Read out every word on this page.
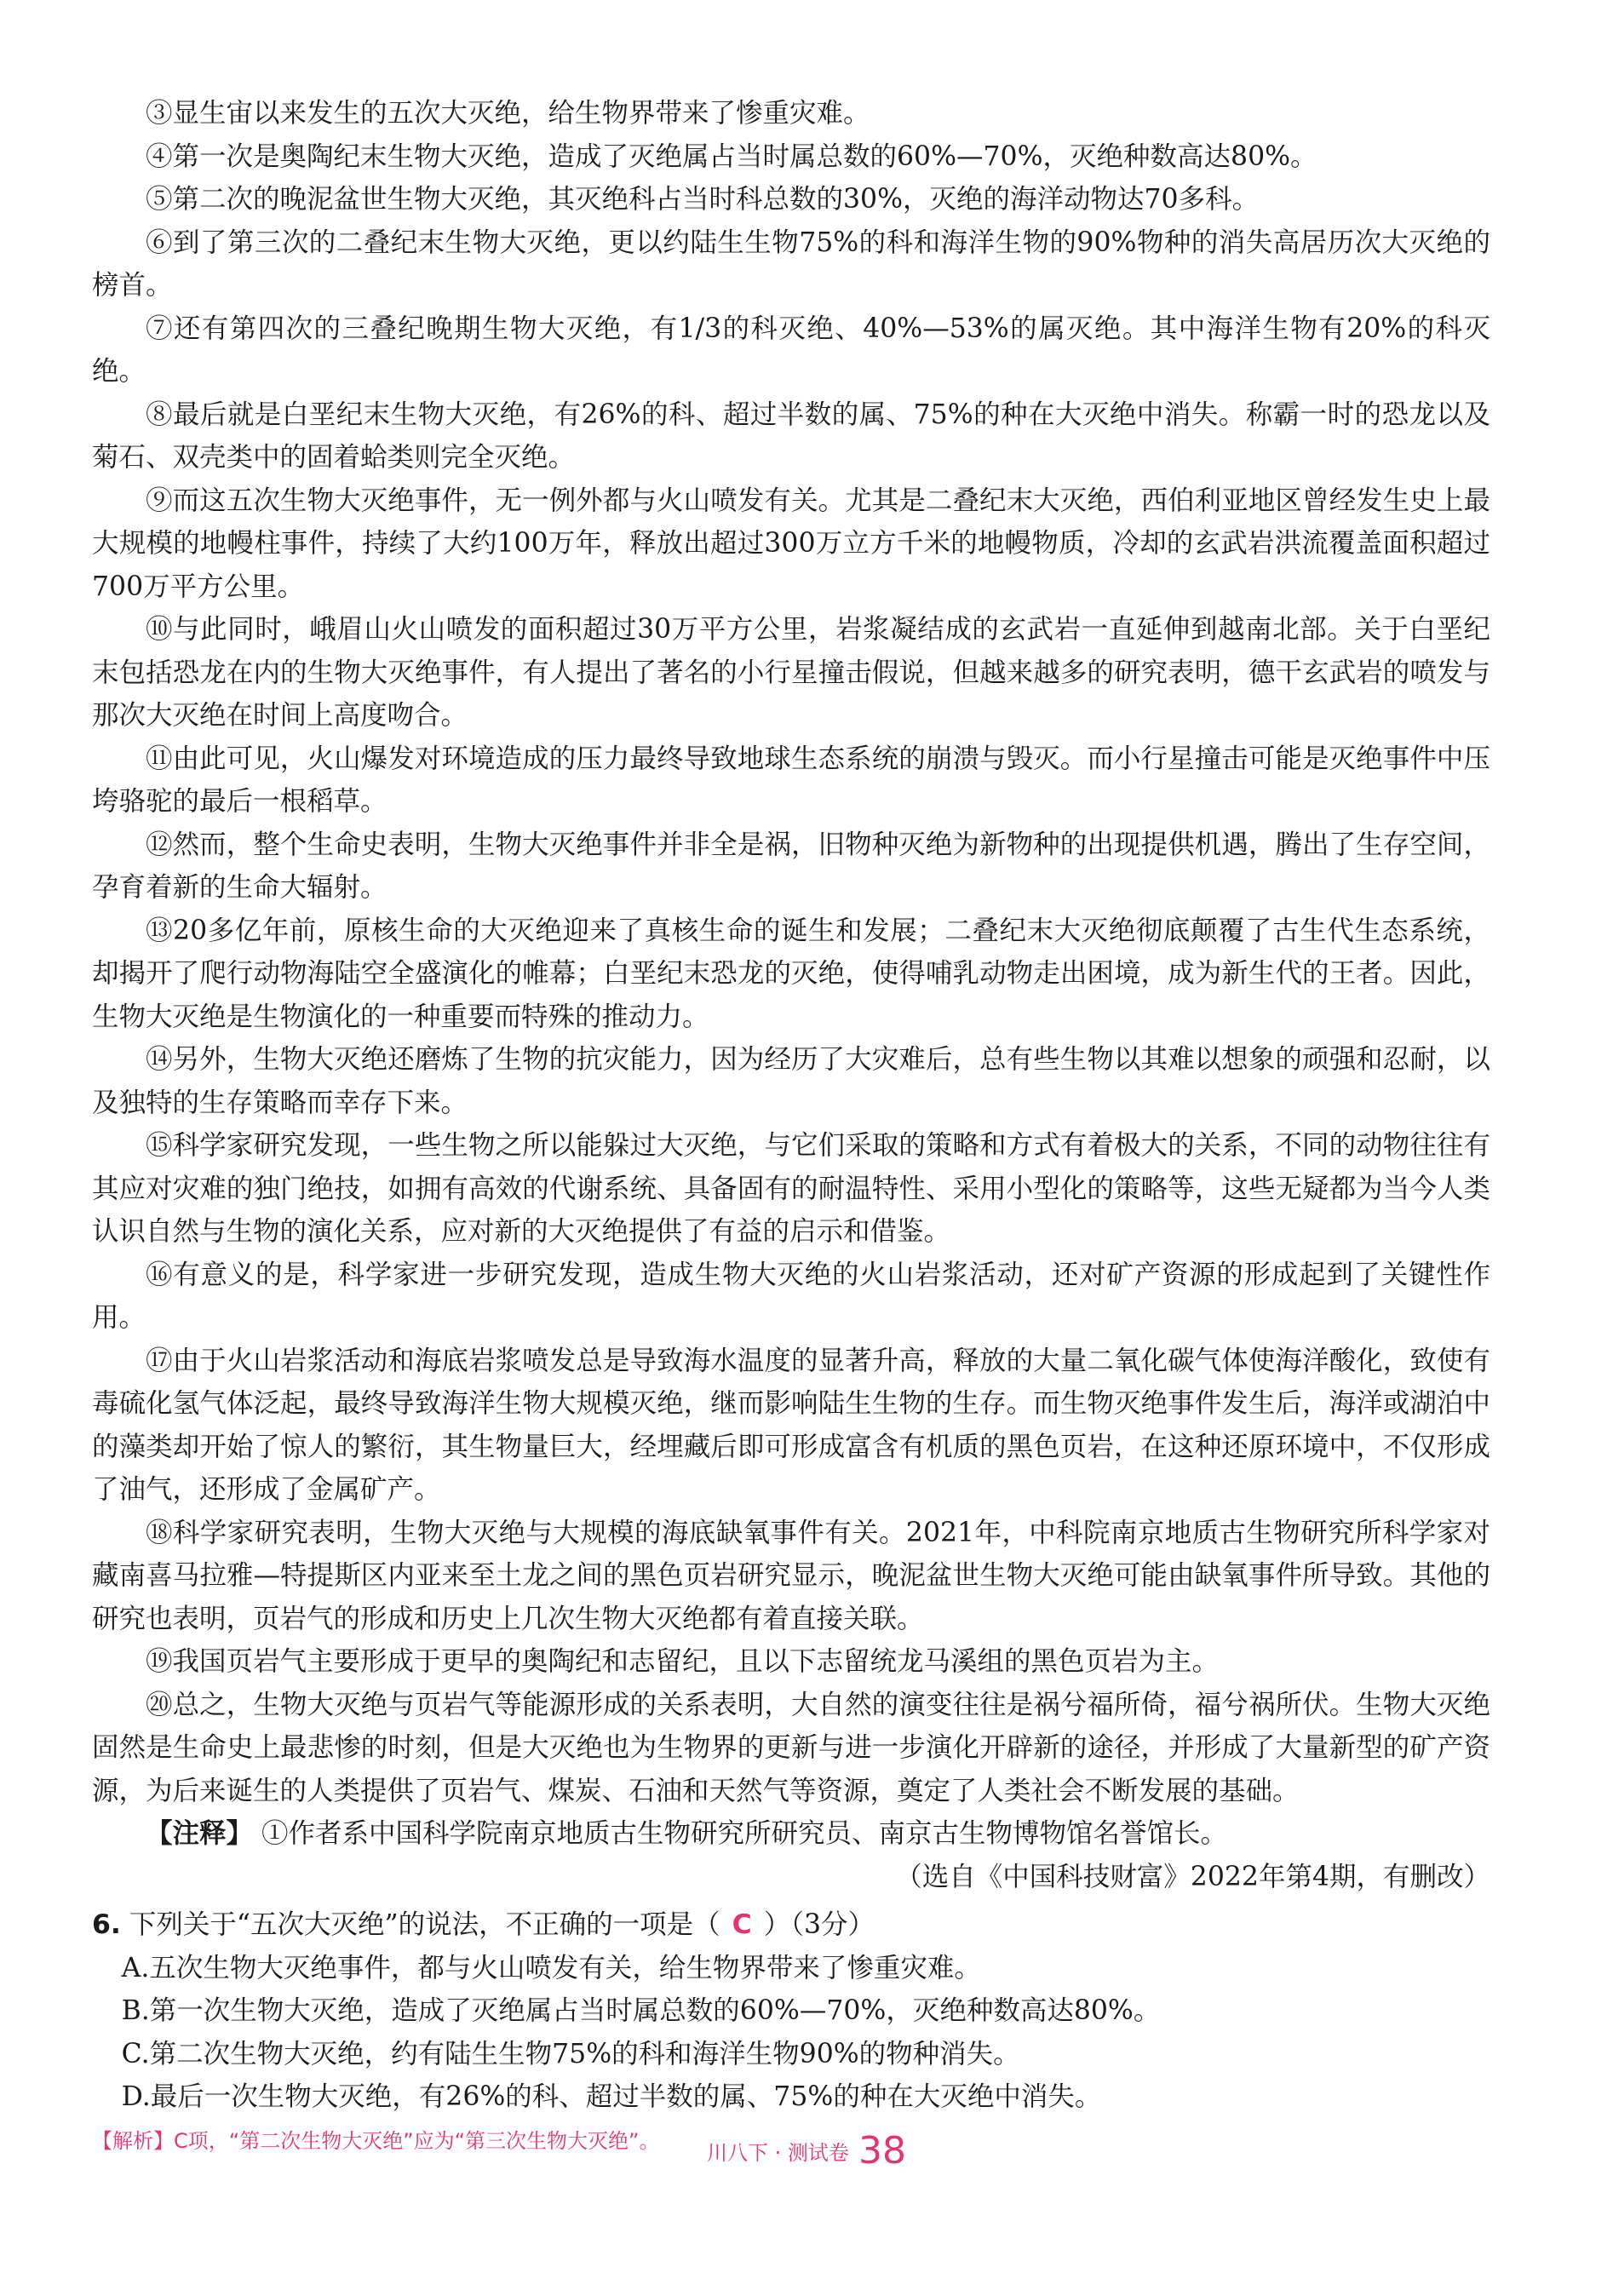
③显生宙以来发生的五次大灭绝，给生物界带来了惨重灾难。

④第一次是奥陶纪末生物大灭绝，造成了灭绝属占当时属总数的60%—70%，灭绝种数高达80%。

⑤第二次的晚泥盆世生物大灭绝，其灭绝科占当时科总数的30%，灭绝的海洋动物达70多科。

⑥到了第三次的二叠纪末生物大灭绝，更以约陆生生物75%的科和海洋生物的90%物种的消失高居历次大灭绝的榜首。

⑦还有第四次的三叠纪晚期生物大灭绝，有1/3的科灭绝、40%—53%的属灭绝。其中海洋生物有20%的科灭绝。

⑧最后就是白垩纪末生物大灭绝，有26%的科、超过半数的属、75%的种在大灭绝中消失。称霸一时的恐龙以及菊石、双壳类中的固着蛤类则完全灭绝。

⑨而这五次生物大灭绝事件，无一例外都与火山喷发有关。尤其是二叠纪末大灭绝，西伯利亚地区曾经发生史上最大规模的地幔柱事件，持续了大约100万年，释放出超过300万立方千米的地幔物质，冷却的玄武岩洪流覆盖面积超过700万平方公里。

⑩与此同时，峨眉山火山喷发的面积超过30万平方公里，岩浆凝结成的玄武岩一直延伸到越南北部。关于白垩纪末包括恐龙在内的生物大灭绝事件，有人提出了著名的小行星撞击假说，但越来越多的研究表明，德干玄武岩的喷发与那次大灭绝在时间上高度吻合。

⑪由此可见，火山爆发对环境造成的压力最终导致地球生态系统的崩溃与毁灭。而小行星撞击可能是灭绝事件中压垮骆驼的最后一根稻草。

⑫然而，整个生命史表明，生物大灭绝事件并非全是祸，旧物种灭绝为新物种的出现提供机遇，腾出了生存空间，孕育着新的生命大辐射。

⑬20多亿年前，原核生命的大灭绝迎来了真核生命的诞生和发展；二叠纪末大灭绝彻底颠覆了古生代生态系统，却揭开了爬行动物海陆空全盛演化的帷幕；白垩纪末恐龙的灭绝，使得哺乳动物走出困境，成为新生代的王者。因此，生物大灭绝是生物演化的一种重要而特殊的推动力。

⑭另外，生物大灭绝还磨炼了生物的抗灾能力，因为经历了大灾难后，总有些生物以其难以想象的顽强和忍耐，以及独特的生存策略而幸存下来。

⑮科学家研究发现，一些生物之所以能躲过大灭绝，与它们采取的策略和方式有着极大的关系，不同的动物往往有其应对灾难的独门绝技，如拥有高效的代谢系统、具备固有的耐温特性、采用小型化的策略等，这些无疑都为当今人类认识自然与生物的演化关系，应对新的大灭绝提供了有益的启示和借鉴。

⑯有意义的是，科学家进一步研究发现，造成生物大灭绝的火山岩浆活动，还对矿产资源的形成起到了关键性作用。

⑰由于火山岩浆活动和海底岩浆喷发总是导致海水温度的显著升高，释放的大量二氧化碳气体使海洋酸化，致使有毒硫化氢气体泛起，最终导致海洋生物大规模灭绝，继而影响陆生生物的生存。而生物灭绝事件发生后，海洋或湖泊中的藻类却开始了惊人的繁衍，其生物量巨大，经埋藏后即可形成富含有机质的黑色页岩，在这种还原环境中，不仅形成了油气，还形成了金属矿产。

⑱科学家研究表明，生物大灭绝与大规模的海底缺氧事件有关。2021年，中科院南京地质古生物研究所科学家对藏南喜马拉雅—特提斯区内亚来至土龙之间的黑色页岩研究显示，晚泥盆世生物大灭绝可能由缺氧事件所导致。其他的研究也表明，页岩气的形成和历史上几次生物大灭绝都有着直接关联。

⑲我国页岩气主要形成于更早的奥陶纪和志留纪，且以下志留统龙马溪组的黑色页岩为主。

⑳总之，生物大灭绝与页岩气等能源形成的关系表明，大自然的演变往往是祸兮福所倚，福兮祸所伏。生物大灭绝固然是生命史上最悲惨的时刻，但是大灭绝也为生物界的更新与进一步演化开辟新的途径，并形成了大量新型的矿产资源，为后来诞生的人类提供了页岩气、煤炭、石油和天然气等资源，奠定了人类社会不断发展的基础。

【注释】 ①作者系中国科学院南京地质古生物研究所研究员、南京古生物博物馆名誉馆长。

（选自《中国科技财富》2022年第4期，有删改）

6. 下列关于“五次大灭绝”的说法，不正确的一项是（ C ）（3分）

A.五次生物大灭绝事件，都与火山喷发有关，给生物界带来了惨重灾难。

B.第一次生物大灭绝，造成了灭绝属占当时属总数的60%—70%，灭绝种数高达80%。

C.第二次生物大灭绝，约有陆生生物75%的科和海洋生物90%的物种消失。

D.最后一次生物大灭绝，有26%的科、超过半数的属、75%的种在大灭绝中消失。

【解析】C项，“第二次生物大灭绝”应为“第三次生物大灭绝”。

川八下 · 测试卷 38
